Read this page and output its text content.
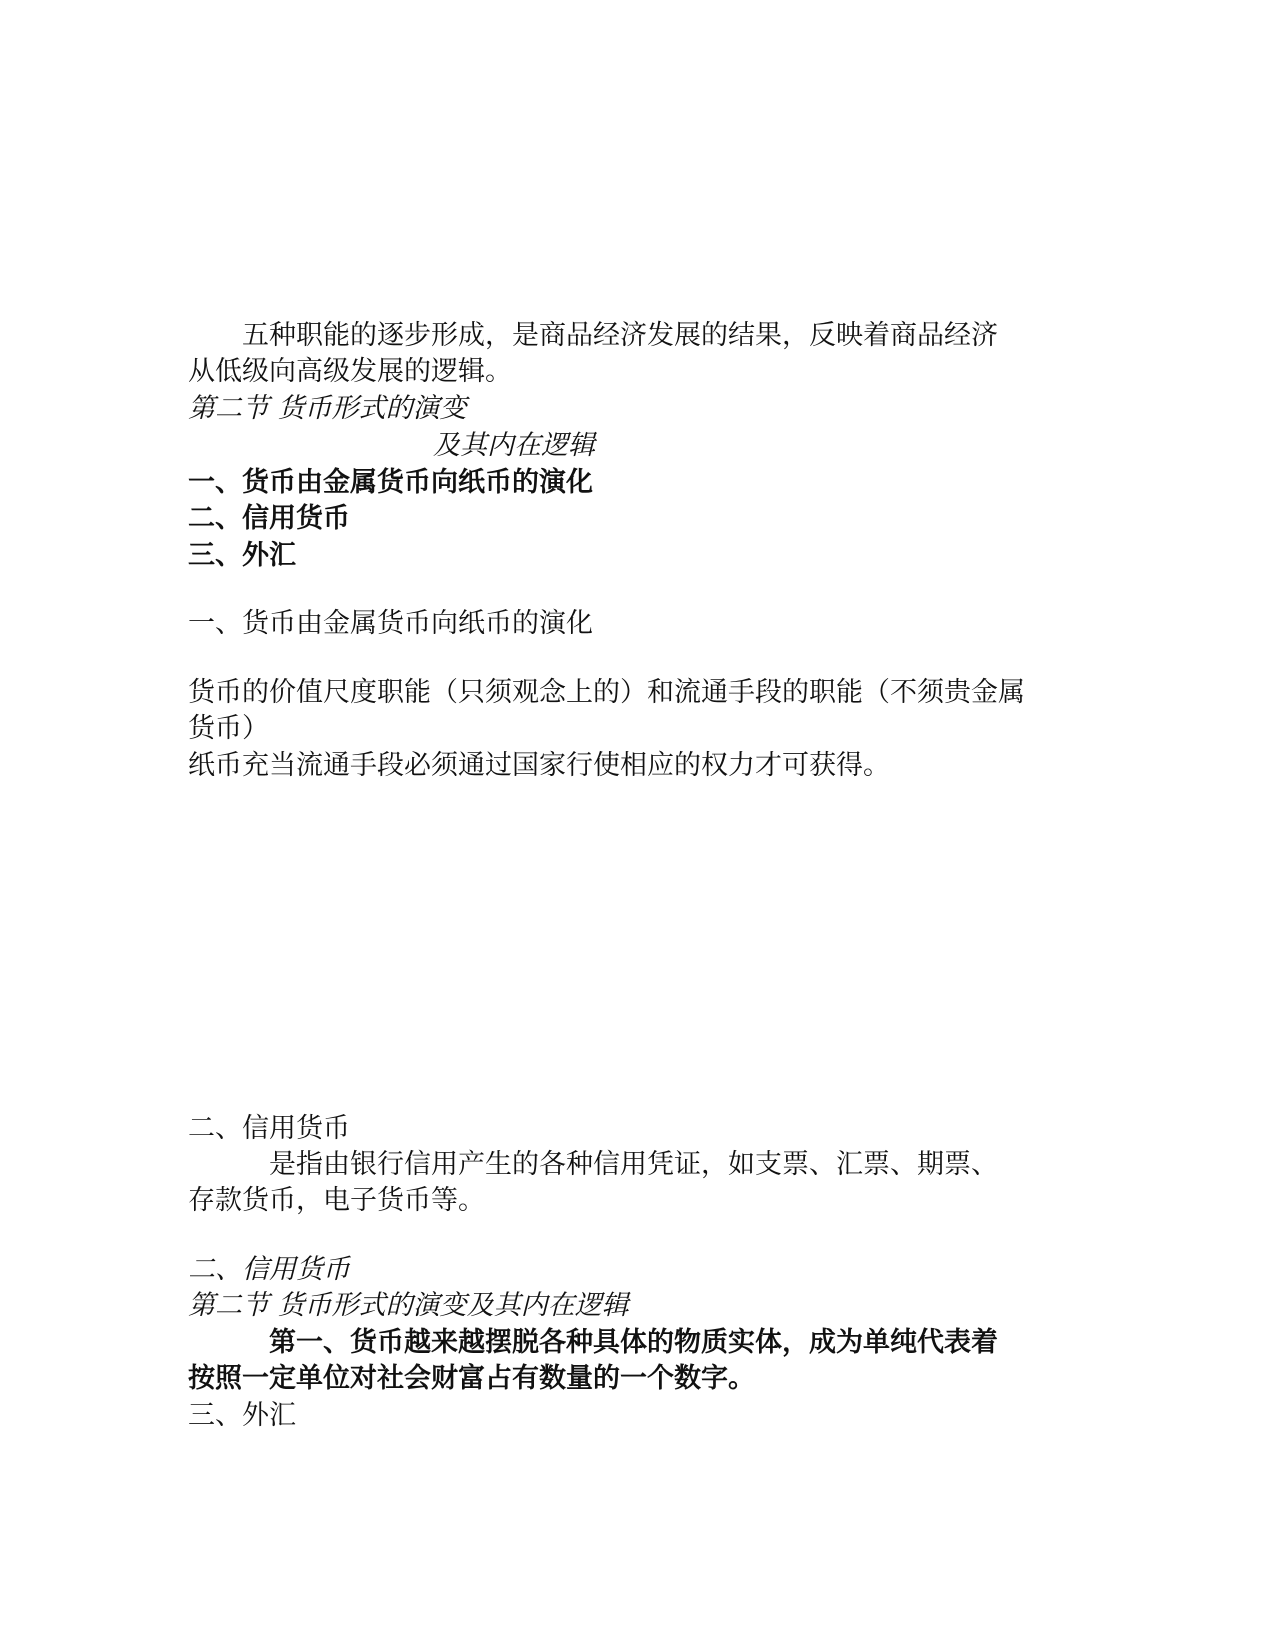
　　五种职能的逐步形成，是商品经济发展的结果，反映着商品经济

从低级向高级发展的逻辑。

第二节 货币形式的演变

及其内在逻辑

一、货币由金属货币向纸币的演化

二、信用货币

三、外汇

一、货币由金属货币向纸币的演化

货币的价值尺度职能（只须观念上的）和流通手段的职能（不须贵金属

货币）

纸币充当流通手段必须通过国家行使相应的权力才可获得。

二、信用货币

　　　是指由银行信用产生的各种信用凭证，如支票、汇票、期票、

存款货币，电子货币等。

二、信用货币

第二节 货币形式的演变及其内在逻辑

　　　第一、货币越来越摆脱各种具体的物质实体，成为单纯代表着

按照一定单位对社会财富占有数量的一个数字。

三、外汇
